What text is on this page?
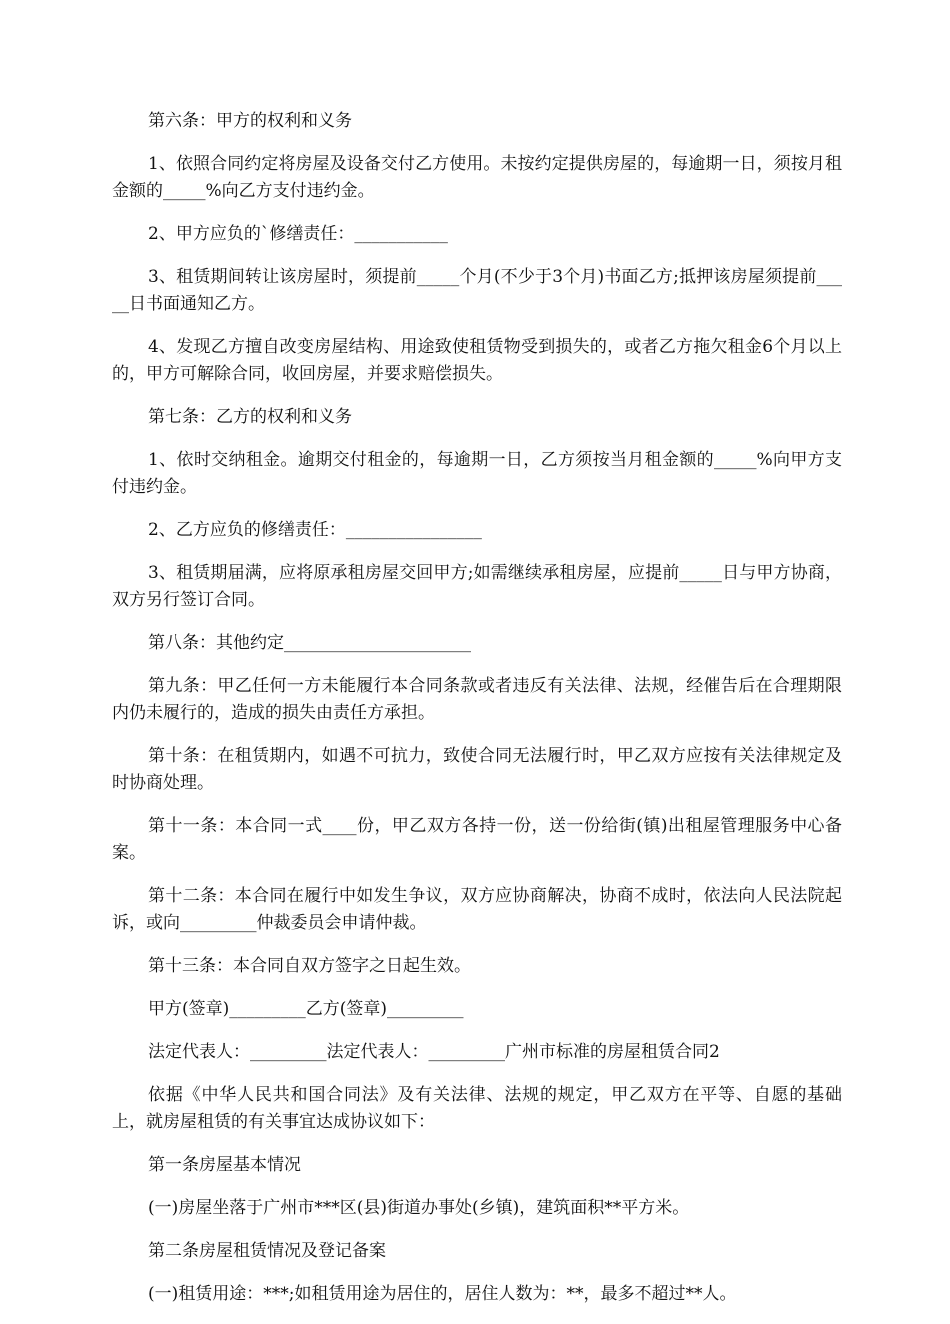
第六条：甲方的权利和义务

1、依照合同约定将房屋及设备交付乙方使用。未按约定提供房屋的，每逾期一日，须按月租金额的_____%向乙方支付违约金。

2、甲方应负的`修缮责任：___________

3、租赁期间转让该房屋时，须提前_____个月(不少于3个月)书面乙方;抵押该房屋须提前_____日书面通知乙方。

4、发现乙方擅自改变房屋结构、用途致使租赁物受到损失的，或者乙方拖欠租金6个月以上的，甲方可解除合同，收回房屋，并要求赔偿损失。

第七条：乙方的权利和义务

1、依时交纳租金。逾期交付租金的，每逾期一日，乙方须按当月租金额的_____%向甲方支付违约金。

2、乙方应负的修缮责任：________________

3、租赁期届满，应将原承租房屋交回甲方;如需继续承租房屋，应提前_____日与甲方协商，双方另行签订合同。

第八条：其他约定______________________

第九条：甲乙任何一方未能履行本合同条款或者违反有关法律、法规，经催告后在合理期限内仍未履行的，造成的损失由责任方承担。

第十条：在租赁期内，如遇不可抗力，致使合同无法履行时，甲乙双方应按有关法律规定及时协商处理。

第十一条：本合同一式____份，甲乙双方各持一份，送一份给街(镇)出租屋管理服务中心备案。

第十二条：本合同在履行中如发生争议，双方应协商解决，协商不成时，依法向人民法院起诉，或向_________仲裁委员会申请仲裁。

第十三条：本合同自双方签字之日起生效。

甲方(签章)_________乙方(签章)_________

法定代表人：_________法定代表人：_________广州市标准的房屋租赁合同2

依据《中华人民共和国合同法》及有关法律、法规的规定，甲乙双方在平等、自愿的基础上，就房屋租赁的有关事宜达成协议如下：

第一条房屋基本情况

(一)房屋坐落于广州市***区(县)街道办事处(乡镇)，建筑面积**平方米。

第二条房屋租赁情况及登记备案

(一)租赁用途：***;如租赁用途为居住的，居住人数为：**，最多不超过**人。
